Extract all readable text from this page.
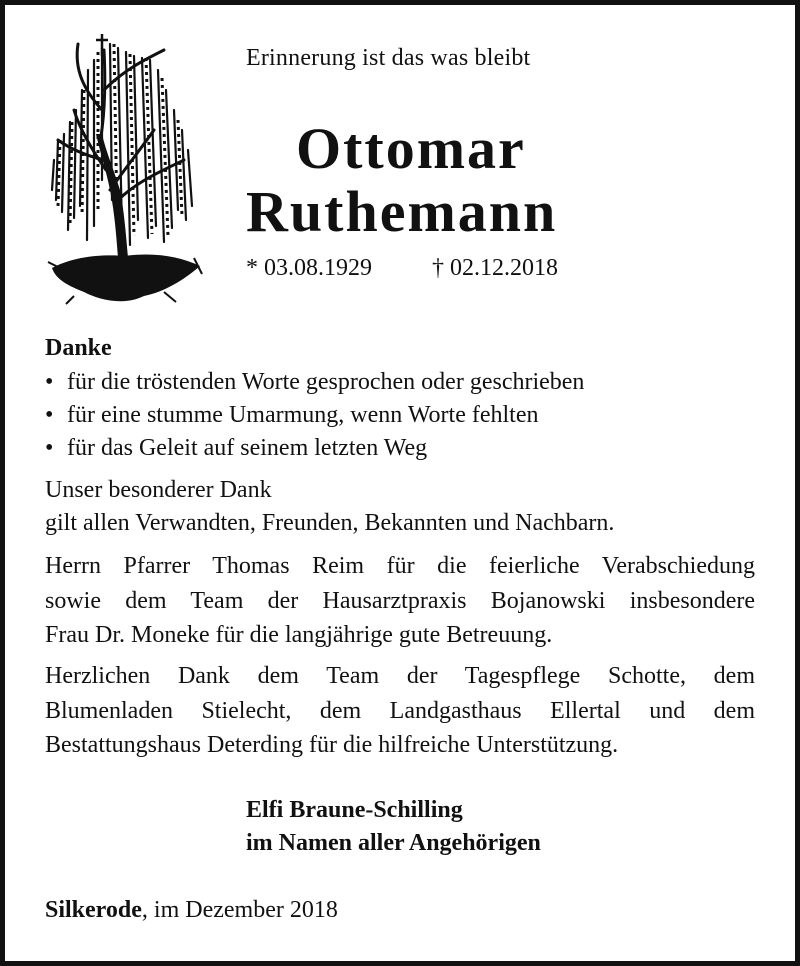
Erinnerung ist das was bleibt
Ottomar
Ruthemann
* 03.08.1929	† 02.12.2018
Danke
• für die tröstenden Worte gesprochen oder geschrieben
• für eine stumme Umarmung, wenn Worte fehlten
• für das Geleit auf seinem letzten Weg
Unser besonderer Dank
gilt allen Verwandten, Freunden, Bekannten und Nachbarn.
Herrn Pfarrer Thomas Reim für die feierliche Verabschiedung
sowie dem Team der Hausarztpraxis Bojanowski insbesondere
Frau Dr. Moneke für die langjährige gute Betreuung.
Herzlichen Dank dem Team der Tagespflege Schotte, dem
Blumenladen Stielecht, dem Landgasthaus Ellertal und dem
Bestattungshaus Deterding für die hilfreiche Unterstützung.
Elfi Braune-Schilling
im Namen aller Angehörigen
Silkerode, im Dezember 2018
